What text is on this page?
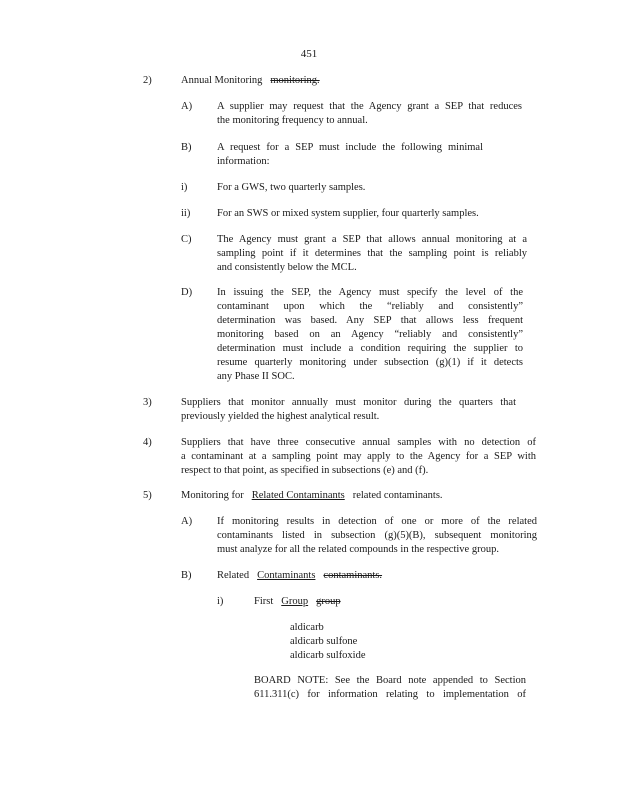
451
2)	Annual Monitoring monitoring.
A) A supplier may request that the Agency grant a SEP that reduces
the monitoring frequency to annual.
B) A request for a SEP must include the following minimal
information:
i)	For a GWS, two quarterly samples.
ii)	For an SWS or mixed system supplier, four quarterly samples.
C) The Agency must grant a SEP that allows annual monitoring at a
sampling point if it determines that the sampling point is reliably
and consistently below the MCL.
D) In issuing the SEP, the Agency must specify the level of the
contaminant upon which the “reliably and consistently”
determination was based. Any SEP that allows less frequent
monitoring based on an Agency “reliably and consistently”
determination must include a condition requiring the supplier to
resume quarterly monitoring under subsection (g)(1) if it detects
any Phase II SOC.
3)	Suppliers that monitor annually must monitor during the quarters that
previously yielded the highest analytical result.
4)	Suppliers that have three consecutive annual samples with no detection of
a contaminant at a sampling point may apply to the Agency for a SEP with
respect to that point, as specified in subsections (e) and (f).
5)	Monitoring for Related Contaminants related contaminants.
A) If monitoring results in detection of one or more of the related
contaminants listed in subsection (g)(5)(B), subsequent monitoring
must analyze for all the related compounds in the respective group.
B) Related Contaminants contaminants.
i)	First Group group
aldicarb
aldicarb sulfone
aldicarb sulfoxide
BOARD NOTE: See the Board note appended to Section
611.311(c) for information relating to implementation of
